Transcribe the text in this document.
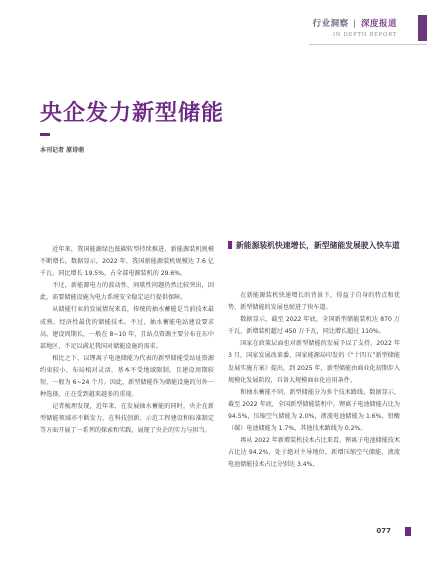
行业洞察 | 深度报道
IN DEPTH REPORT
央企发力新型储能
本刊记者 原诗萌

近年来，我国能源绿色低碳转型持续推进，新能源装机规模不断增长。数据显示，2022 年，我国新能源装机规模达 7.6 亿千瓦，同比增长 19.5%，占全部电源装机的 29.6%。

不过，新能源电力的波动性、间歇性问题仍然比较突出，因此，需要储能设施为电力系统安全稳定运行提供保障。

从储能行业的发展情况来看，传统的抽水蓄能是当前技术最成熟、经济性最优的储能技术。不过，抽水蓄能电站建设要求高、建设周期长，一般在 8~10 年，且站点资源主要分布在东中部地区，不足以满足我国对储能设施的需求。

相比之下，以锂离子电池储能为代表的新型储能受站址资源约束较小，布局相对灵活，基本不受地域限制，且建设周期较短，一般为 6~24 个月。因此，新型储能作为储能设施的另外一种选择，正在受到越来越多的重视。

记者梳理发现，近年来，在发展抽水蓄能的同时，央企在新型储能领域亦不断发力，在科技创新、示范工程建设和标准制定等方面开展了一系列的探索和实践，展现了央企的实力与担当。

新能源装机快速增长，新型储能发展驶入快车道

在新能源装机快速增长的背景下，得益于自身的特点和优势，新型储能的发展也驶进了快车道。

数据显示，截至 2022 年底，全国新型储能装机达 870 万千瓦，新增装机超过 450 万千瓦，同比增长超过 110%。

国家在政策层面也对新型储能的发展予以了支持。2022 年 3 月，国家发展改革委、国家能源局印发的《“十四五”新型储能发展实施方案》提出，到 2025 年，新型储能由商业化初期步入规模化发展阶段，具备大规模商业化应用条件。

和抽水蓄能不同，新型储能分为多个技术路线。数据显示，截至 2022 年底，全国新型储能装机中，锂离子电池储能占比为 94.5%，压缩空气储能为 2.0%，液流电池储能为 1.6%，铅酸（碳）电池储能为 1.7%，其他技术路线为 0.2%。

再从 2022 年新增装机技术占比来看，锂离子电池储能技术占比达 94.2%，处于绝对主导地位，新增压缩空气储能、液流电池储能技术占比分别达 3.4%、

077
